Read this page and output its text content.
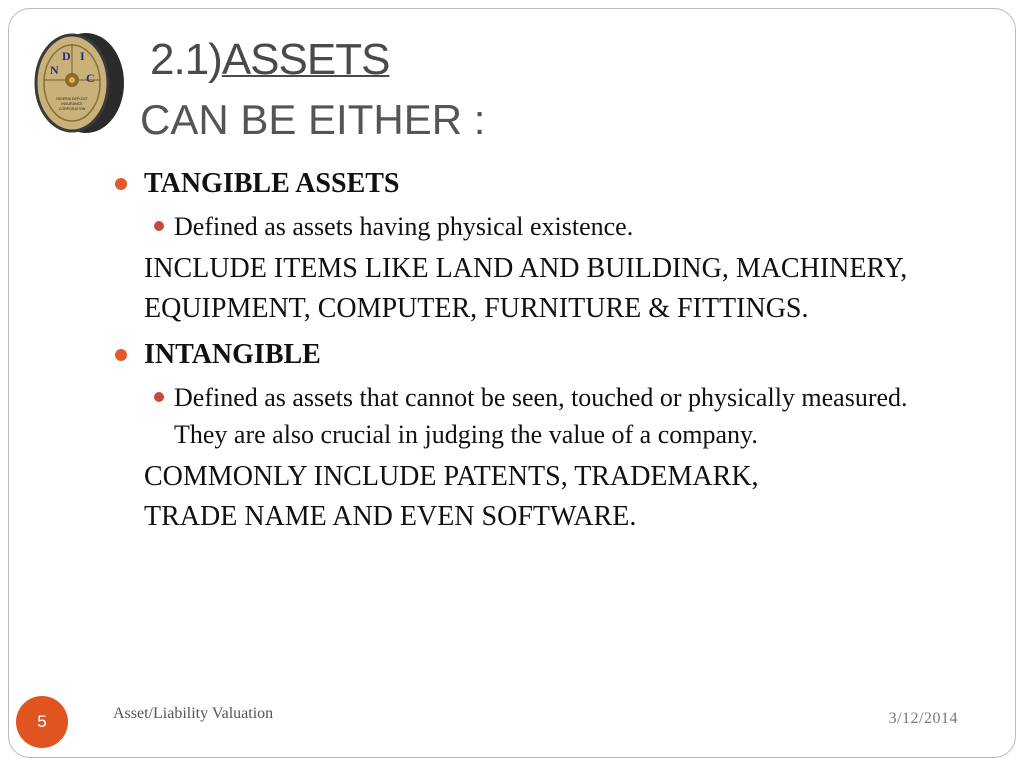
N
D I
C
NIGERIA DEPOSIT
INSURANCE
CORPORATION
2.1)ASSETS
CAN BE EITHER :
TANGIBLE ASSETS
Defined as assets having physical existence.
INCLUDE ITEMS LIKE LAND AND BUILDING, MACHINERY, EQUIPMENT, COMPUTER, FURNITURE & FITTINGS.
INTANGIBLE
Defined as assets that cannot be seen, touched or physically measured. They are also crucial in judging the value of a company.
COMMONLY INCLUDE PATENTS, TRADEMARK, TRADE NAME AND EVEN SOFTWARE.
5	Asset/Liability Valuation	3/12/2014
